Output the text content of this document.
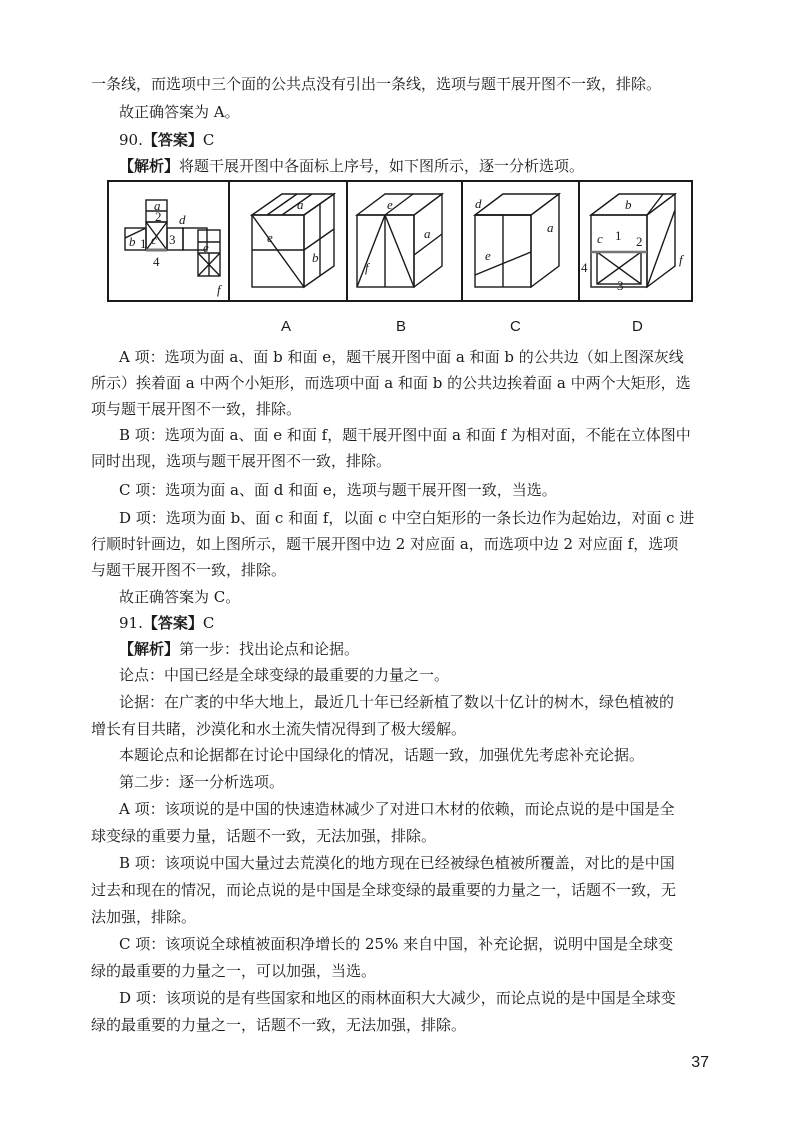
一条线，而选项中三个面的公共点没有引出一条线，选项与题干展开图不一致，排除。
故正确答案为 A。
90.【答案】C
【解析】将题干展开图中各面标上序号，如下图所示，逐一分析选项。
a
b c
d
e
f
2
1 3
4
a
e
b
e
f
a
d
e
a
b
c
f
1 2
4
3
A	B	C	D
A 项：选项为面 a、面 b 和面 e，题干展开图中面 a 和面 b 的公共边（如上图深灰线
所示）挨着面 a 中两个小矩形，而选项中面 a 和面 b 的公共边挨着面 a 中两个大矩形，选
项与题干展开图不一致，排除。
B 项：选项为面 a、面 e 和面 f，题干展开图中面 a 和面 f 为相对面，不能在立体图中
同时出现，选项与题干展开图不一致，排除。
C 项：选项为面 a、面 d 和面 e，选项与题干展开图一致，当选。
D 项：选项为面 b、面 c 和面 f，以面 c 中空白矩形的一条长边作为起始边，对面 c 进
行顺时针画边，如上图所示，题干展开图中边 2 对应面 a，而选项中边 2 对应面 f，选项
与题干展开图不一致，排除。
故正确答案为 C。
91.【答案】C
【解析】第一步：找出论点和论据。
论点：中国已经是全球变绿的最重要的力量之一。
论据：在广袤的中华大地上，最近几十年已经新植了数以十亿计的树木，绿色植被的
增长有目共睹，沙漠化和水土流失情况得到了极大缓解。
本题论点和论据都在讨论中国绿化的情况，话题一致，加强优先考虑补充论据。
第二步：逐一分析选项。
A 项：该项说的是中国的快速造林减少了对进口木材的依赖，而论点说的是中国是全
球变绿的重要力量，话题不一致，无法加强，排除。
B 项：该项说中国大量过去荒漠化的地方现在已经被绿色植被所覆盖，对比的是中国
过去和现在的情况，而论点说的是中国是全球变绿的最重要的力量之一，话题不一致，无
法加强，排除。
C 项：该项说全球植被面积净增长的 25% 来自中国，补充论据，说明中国是全球变
绿的最重要的力量之一，可以加强，当选。
D 项：该项说的是有些国家和地区的雨林面积大大减少，而论点说的是中国是全球变
绿的最重要的力量之一，话题不一致，无法加强，排除。
37
